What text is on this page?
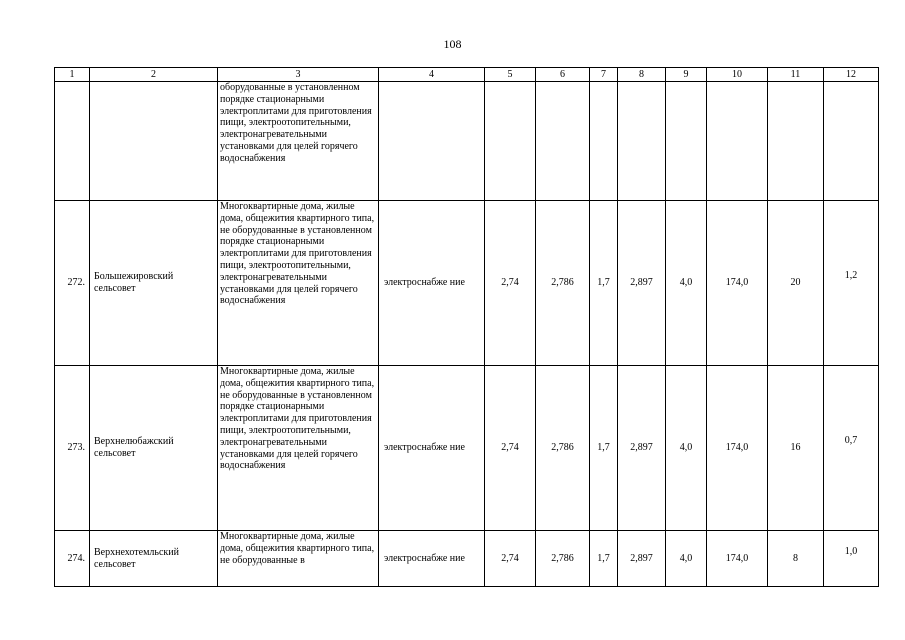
108
1	2	3	4	5	6	7	8	9	10	11	12
		оборудованные в установленном порядке стационарными электроплитами для приготовления пищи, электроотопительными, электронагревательными установками для целей горячего водоснабжения									
272.	Большежировский сельсовет	Многоквартирные дома, жилые дома, общежития квартирного типа, не оборудованные в установленном порядке стационарными электроплитами для приготовления пищи, электроотопительными, электронагревательными установками для целей горячего водоснабжения	электроснабже ние	2,74	2,786	1,7	2,897	4,0	174,0	20	1,2
273.	Верхнелюбажский сельсовет	Многоквартирные дома, жилые дома, общежития квартирного типа, не оборудованные в установленном порядке стационарными электроплитами для приготовления пищи, электроотопительными, электронагревательными установками для целей горячего водоснабжения	электроснабже ние	2,74	2,786	1,7	2,897	4,0	174,0	16	0,7
274.	Верхнехотемльский сельсовет	Многоквартирные дома, жилые дома, общежития квартирного типа, не оборудованные в	электроснабже ние	2,74	2,786	1,7	2,897	4,0	174,0	8	1,0
